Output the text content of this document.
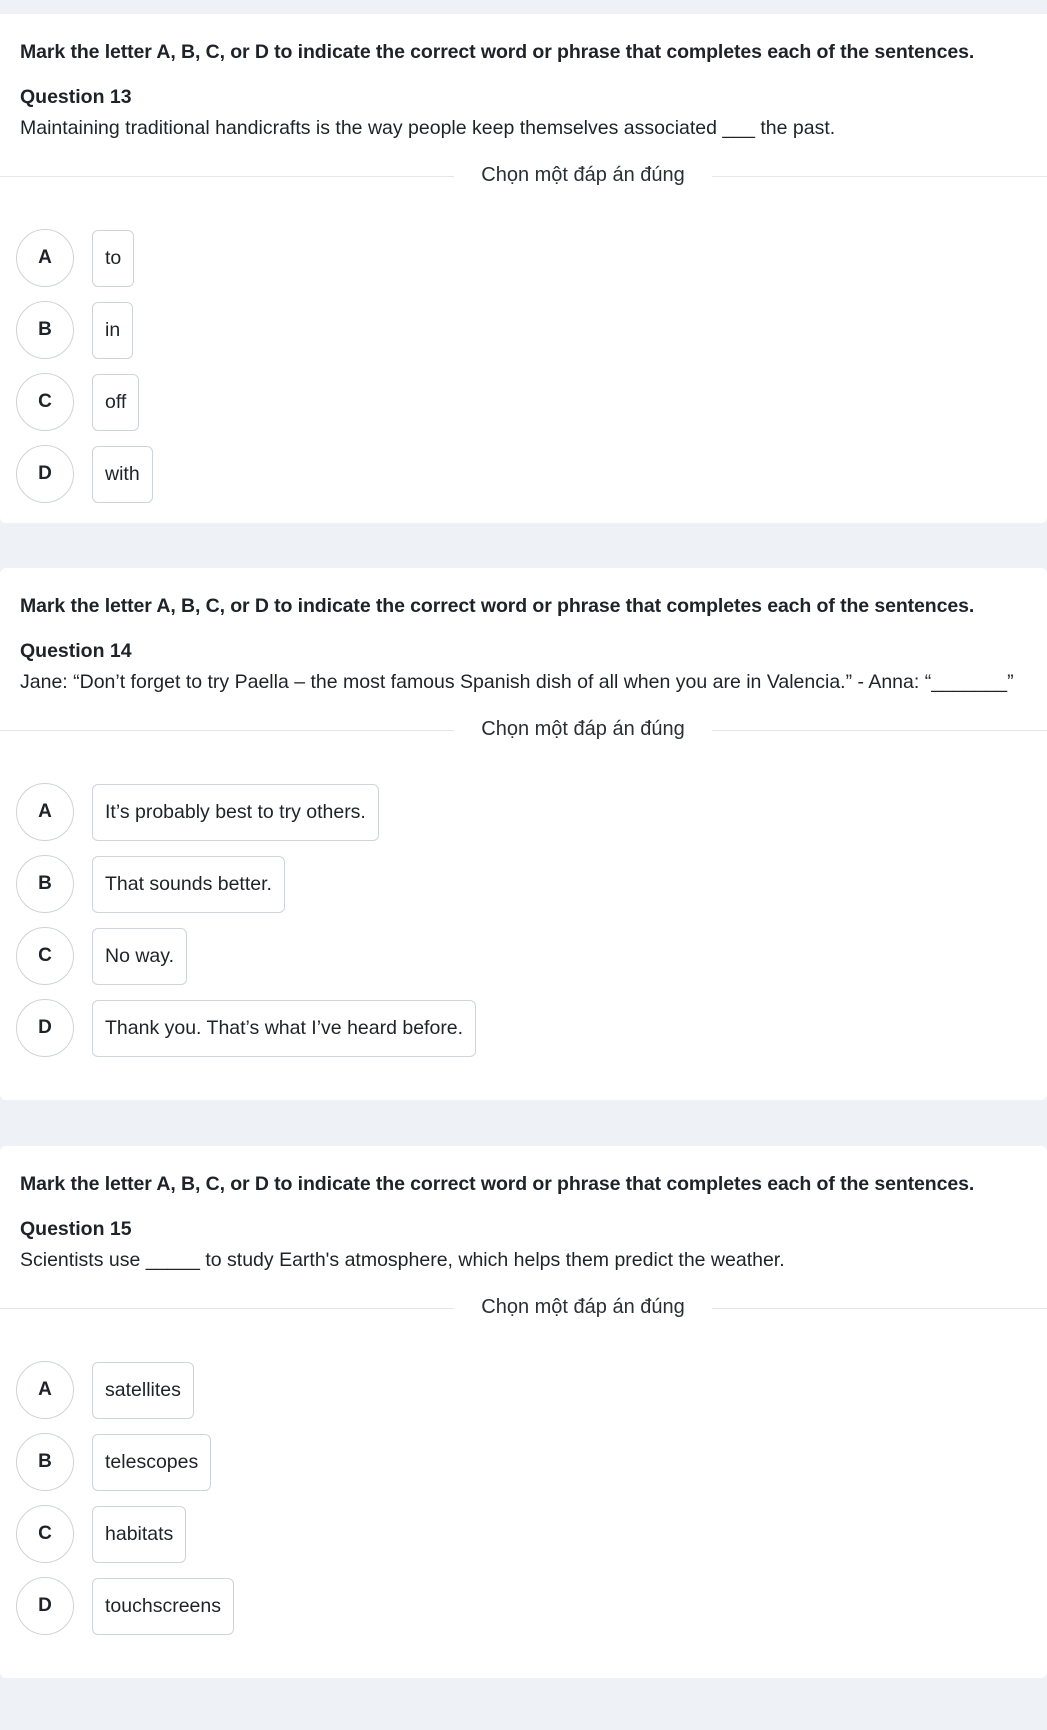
Mark the letter A, B, C, or D to indicate the correct word or phrase that completes each of the sentences.
Question 13
Maintaining traditional handicrafts is the way people keep themselves associated ___ the past.
Chọn một đáp án đúng
A	to
B	in
C	off
D	with
Mark the letter A, B, C, or D to indicate the correct word or phrase that completes each of the sentences.
Question 14
Jane: “Don’t forget to try Paella – the most famous Spanish dish of all when you are in Valencia.” - Anna: “_______”
Chọn một đáp án đúng
A	It’s probably best to try others.
B	That sounds better.
C	No way.
D	Thank you. That’s what I’ve heard before.
Mark the letter A, B, C, or D to indicate the correct word or phrase that completes each of the sentences.
Question 15
Scientists use _____ to study Earth's atmosphere, which helps them predict the weather.
Chọn một đáp án đúng
A	satellites
B	telescopes
C	habitats
D	touchscreens
